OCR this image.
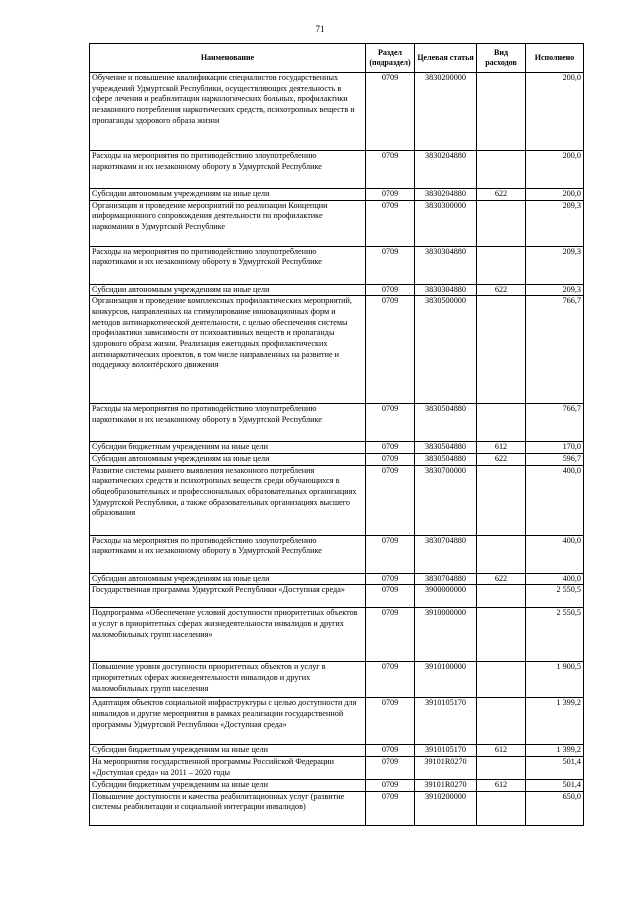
71
Наименование	Раздел (подраздел)	Целевая статья	Вид расходов	Исполнено
Обучение и повышение квалификации специалистов государственных учреждений Удмуртской Республики, осуществляющих деятельность в сфере лечения и реабилитации наркологических больных, профилактики незаконного потребления наркотических средств, психотропных веществ и пропаганды здорового образа жизни	0709	3830200000		200,0
Расходы на мероприятия по противодействию злоупотреблению наркотиками и их незаконному обороту в Удмуртской Республике	0709	3830204880		200,0
Субсидии автономным учреждениям на иные цели	0709	3830204880	622	200,0
Организация и проведение мероприятий по реализации Концепции информационного сопровождения деятельности по профилактике наркомании в Удмуртской Республике	0709	3830300000		209,3
Расходы на мероприятия по противодействию злоупотреблению наркотиками и их незаконному обороту в Удмуртской Республике	0709	3830304880		209,3
Субсидии автономным учреждениям на иные цели	0709	3830304880	622	209,3
Организация и проведение комплексных профилактических мероприятий, конкурсов, направленных на стимулирование инновационных форм и методов антинаркотической деятельности, с целью обеспечения системы профилактики зависимости от психоактивных веществ и пропаганды здорового образа жизни. Реализация ежегодных профилактических антинаркотических проектов, в том числе направленных на развитие и поддержку волонтёрского движения	0709	3830500000		766,7
Расходы на мероприятия по противодействию злоупотреблению наркотиками и их незаконному обороту в Удмуртской Республике	0709	3830504880		766,7
Субсидии бюджетным учреждениям на иные цели	0709	3830504880	612	170,0
Субсидии автономным учреждениям на иные цели	0709	3830504880	622	596,7
Развитие системы раннего выявления незаконного потребления наркотических средств и психотропных веществ среди обучающихся в общеобразовательных и профессиональных образовательных организациях Удмуртской Республики, а также образовательных организациях высшего образования	0709	3830700000		400,0
Расходы на мероприятия по противодействию злоупотреблению наркотиками и их незаконному обороту в Удмуртской Республике	0709	3830704880		400,0
Субсидии автономным учреждениям на иные цели	0709	3830704880	622	400,0
Государственная программа Удмуртской Республики «Доступная среда»	0709	3900000000		2 550,5
Подпрограмма «Обеспечение условий доступности приоритетных объектов и услуг в приоритетных сферах жизнедеятельности инвалидов и других маломобильных групп населения»	0709	3910000000		2 550,5
Повышение уровня доступности приоритетных объектов и услуг в приоритетных сферах жизнедеятельности инвалидов и других маломобильных групп населения	0709	3910100000		1 900,5
Адаптация объектов социальной инфраструктуры с целью доступности для инвалидов и другие мероприятия в рамках реализации государственной программы Удмуртской Республики «Доступная среда»	0709	3910105170		1 399,2
Субсидии бюджетным учреждениям на иные цели	0709	3910105170	612	1 399,2
На мероприятия государственной программы Российской Федерации «Доступная среда» на 2011 – 2020 годы	0709	39101R0270		501,4
Субсидии бюджетным учреждениям на иные цели	0709	39101R0270	612	501,4
Повышение доступности и качества реабилитационных услуг (развитие системы реабилитации и социальной интеграции инвалидов)	0709	3910200000		650,0
